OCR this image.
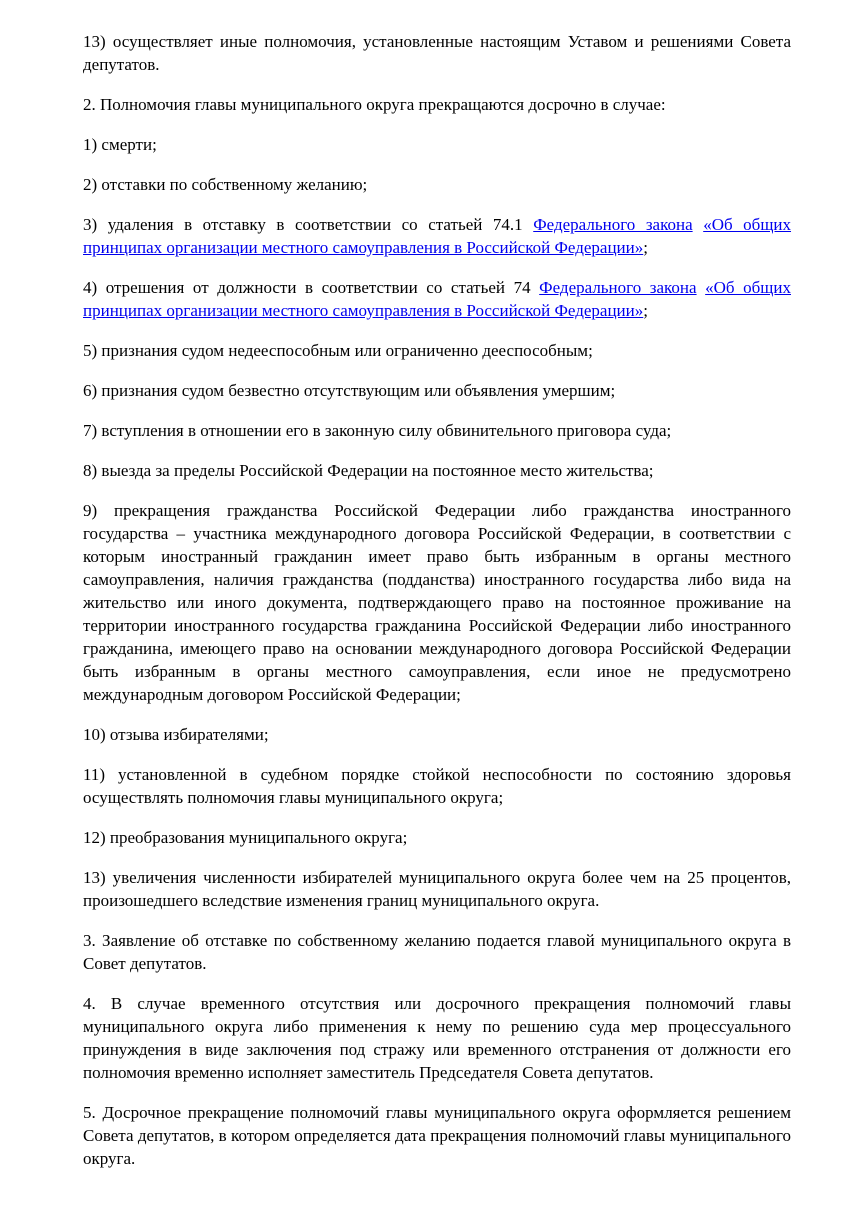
13) осуществляет иные полномочия, установленные настоящим Уставом и решениями Совета депутатов.

2. Полномочия главы муниципального округа прекращаются досрочно в случае:

1) смерти;

2) отставки по собственному желанию;

3) удаления в отставку в соответствии со статьей 74.1 Федерального закона «Об общих принципах организации местного самоуправления в Российской Федерации»;

4) отрешения от должности в соответствии со статьей 74 Федерального закона «Об общих принципах организации местного самоуправления в Российской Федерации»;

5) признания судом недееспособным или ограниченно дееспособным;

6) признания судом безвестно отсутствующим или объявления умершим;

7) вступления в отношении его в законную силу обвинительного приговора суда;

8) выезда за пределы Российской Федерации на постоянное место жительства;

9) прекращения гражданства Российской Федерации либо гражданства иностранного государства – участника международного договора Российской Федерации, в соответствии с которым иностранный гражданин имеет право быть избранным в органы местного самоуправления, наличия гражданства (подданства) иностранного государства либо вида на жительство или иного документа, подтверждающего право на постоянное проживание на территории иностранного государства гражданина Российской Федерации либо иностранного гражданина, имеющего право на основании международного договора Российской Федерации быть избранным в органы местного самоуправления, если иное не предусмотрено международным договором Российской Федерации;

10) отзыва избирателями;

11) установленной в судебном порядке стойкой неспособности по состоянию здоровья осуществлять полномочия главы муниципального округа;

12) преобразования муниципального округа;

13) увеличения численности избирателей муниципального округа более чем на 25 процентов, произошедшего вследствие изменения границ муниципального округа.

3. Заявление об отставке по собственному желанию подается главой муниципального округа в Совет депутатов.

4. В случае временного отсутствия или досрочного прекращения полномочий главы муниципального округа либо применения к нему по решению суда мер процессуального принуждения в виде заключения под стражу или временного отстранения от должности его полномочия временно исполняет заместитель Председателя Совета депутатов.

5. Досрочное прекращение полномочий главы муниципального округа оформляется решением Совета депутатов, в котором определяется дата прекращения полномочий главы муниципального округа.
